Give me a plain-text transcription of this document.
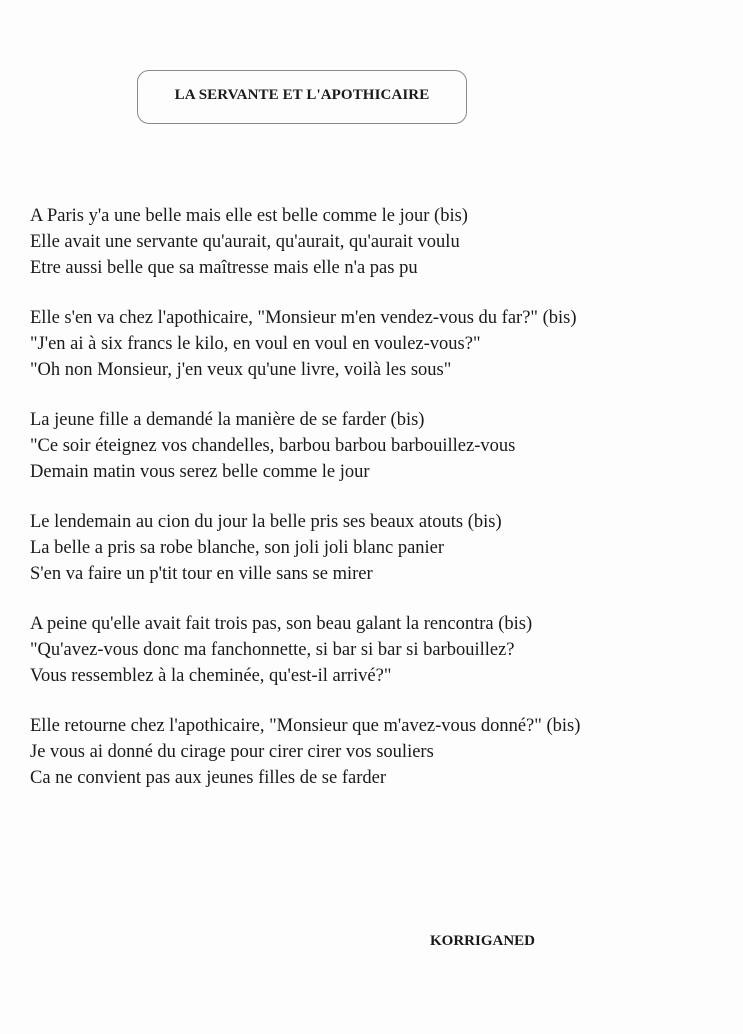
LA SERVANTE ET L'APOTHICAIRE
A Paris y'a une belle mais elle est belle comme le jour (bis)
Elle avait une servante qu'aurait, qu'aurait, qu'aurait voulu
Etre aussi belle que sa maîtresse mais elle n'a pas pu
Elle s'en va chez l'apothicaire, "Monsieur m'en vendez-vous du far?" (bis)
"J'en ai à six francs le kilo, en voul en voul en voulez-vous?"
"Oh non Monsieur, j'en veux qu'une livre, voilà les sous"
La jeune fille a demandé la manière de se farder (bis)
"Ce soir éteignez vos chandelles, barbou barbou barbouillez-vous
Demain matin vous serez belle comme le jour
Le lendemain au cion du jour la belle pris ses beaux atouts (bis)
La belle a pris sa robe blanche, son joli joli blanc panier
S'en va faire un p'tit tour en ville sans se mirer
A peine qu'elle avait fait trois pas, son beau galant la rencontra (bis)
"Qu'avez-vous donc ma fanchonnette, si bar si bar si barbouillez?
Vous ressemblez à la cheminée, qu'est-il arrivé?"
Elle retourne chez l'apothicaire, "Monsieur que m'avez-vous donné?" (bis)
Je vous ai donné du cirage pour cirer cirer vos souliers
Ca ne convient pas aux jeunes filles de se farder
KORRIGANED
